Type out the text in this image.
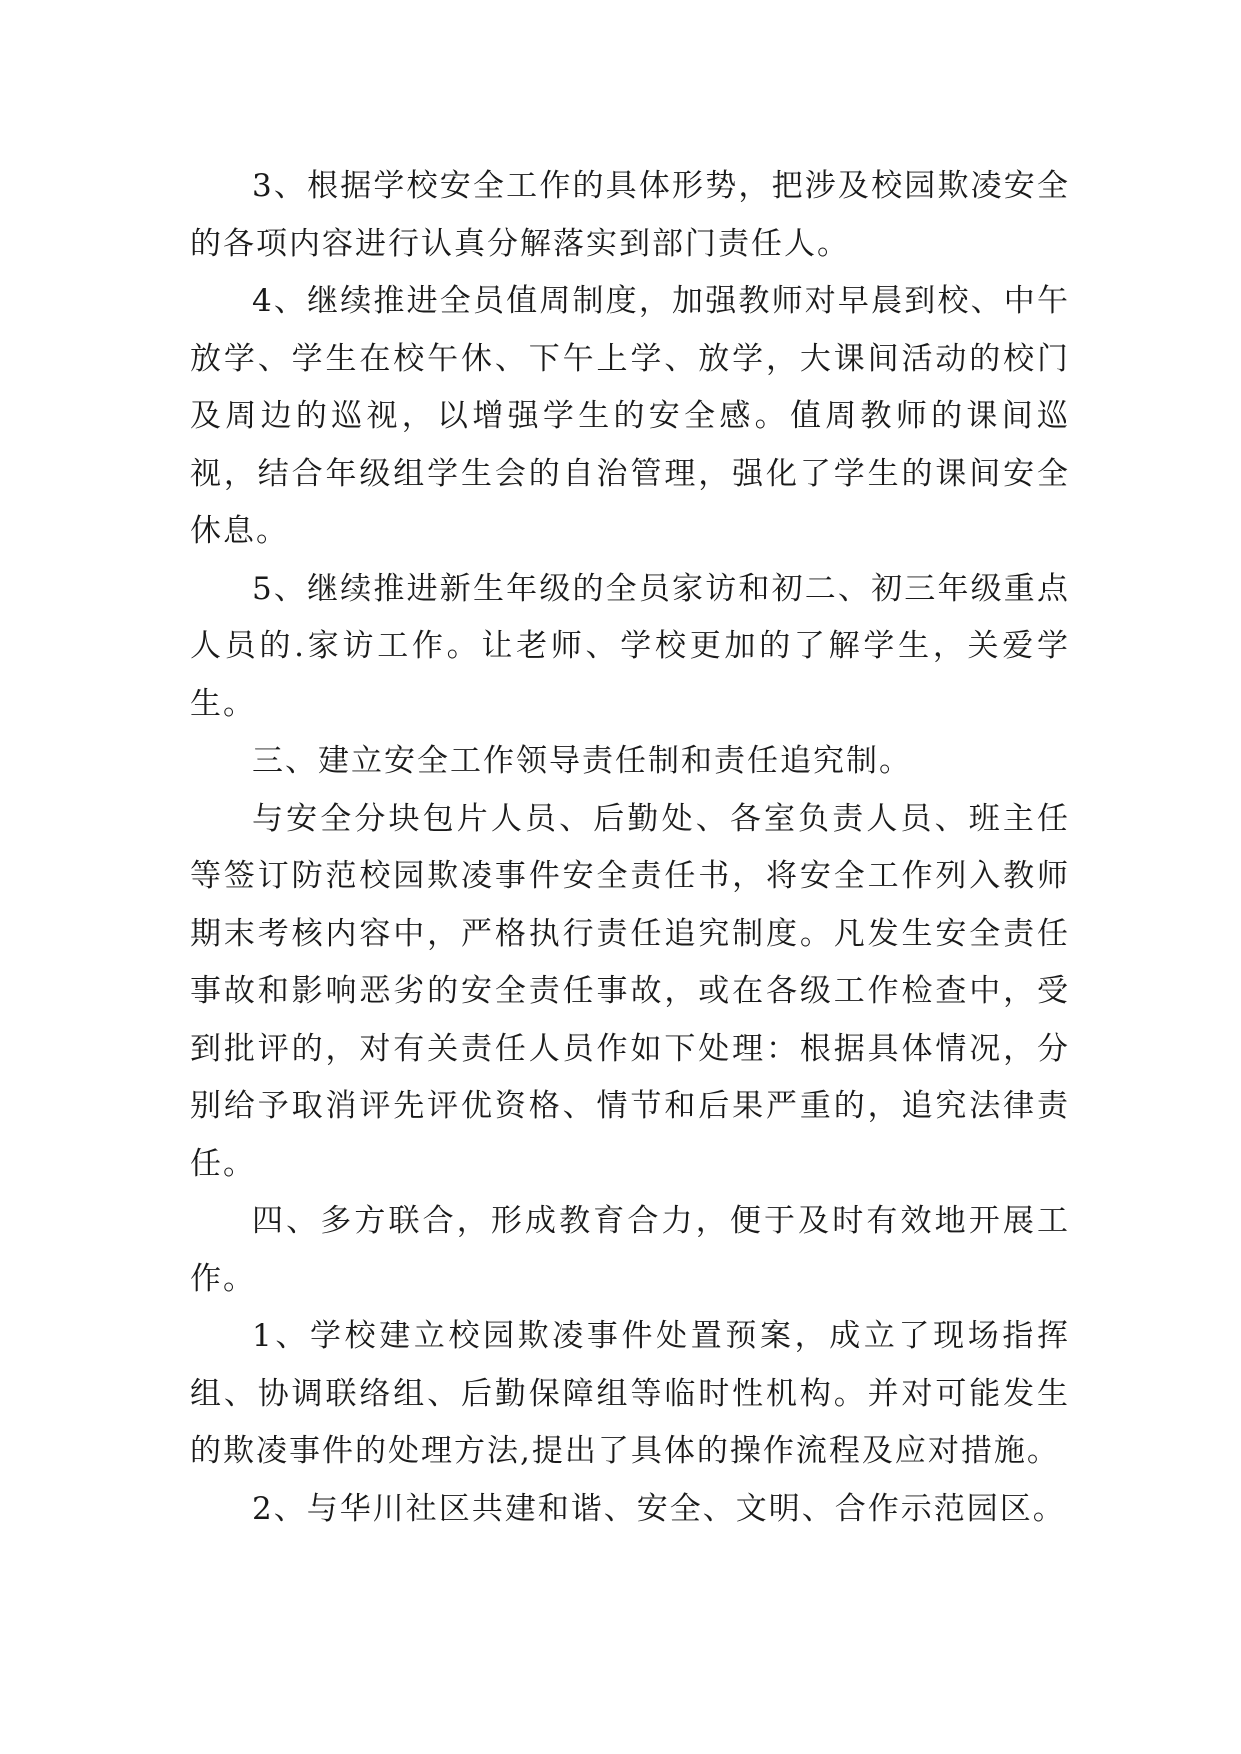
3、根据学校安全工作的具体形势，把涉及校园欺凌安全的各项内容进行认真分解落实到部门责任人。

4、继续推进全员值周制度，加强教师对早晨到校、中午放学、学生在校午休、下午上学、放学，大课间活动的校门及周边的巡视，以增强学生的安全感。值周教师的课间巡视，结合年级组学生会的自治管理，强化了学生的课间安全休息。

5、继续推进新生年级的全员家访和初二、初三年级重点人员的.家访工作。让老师、学校更加的了解学生，关爱学生。

三、建立安全工作领导责任制和责任追究制。

与安全分块包片人员、后勤处、各室负责人员、班主任等签订防范校园欺凌事件安全责任书，将安全工作列入教师期末考核内容中，严格执行责任追究制度。凡发生安全责任事故和影响恶劣的安全责任事故，或在各级工作检查中，受到批评的，对有关责任人员作如下处理：根据具体情况，分别给予取消评先评优资格、情节和后果严重的，追究法律责任。

四、多方联合，形成教育合力，便于及时有效地开展工作。

1、学校建立校园欺凌事件处置预案，成立了现场指挥组、协调联络组、后勤保障组等临时性机构。并对可能发生的欺凌事件的处理方法,提出了具体的操作流程及应对措施。

2、与华川社区共建和谐、安全、文明、合作示范园区。
